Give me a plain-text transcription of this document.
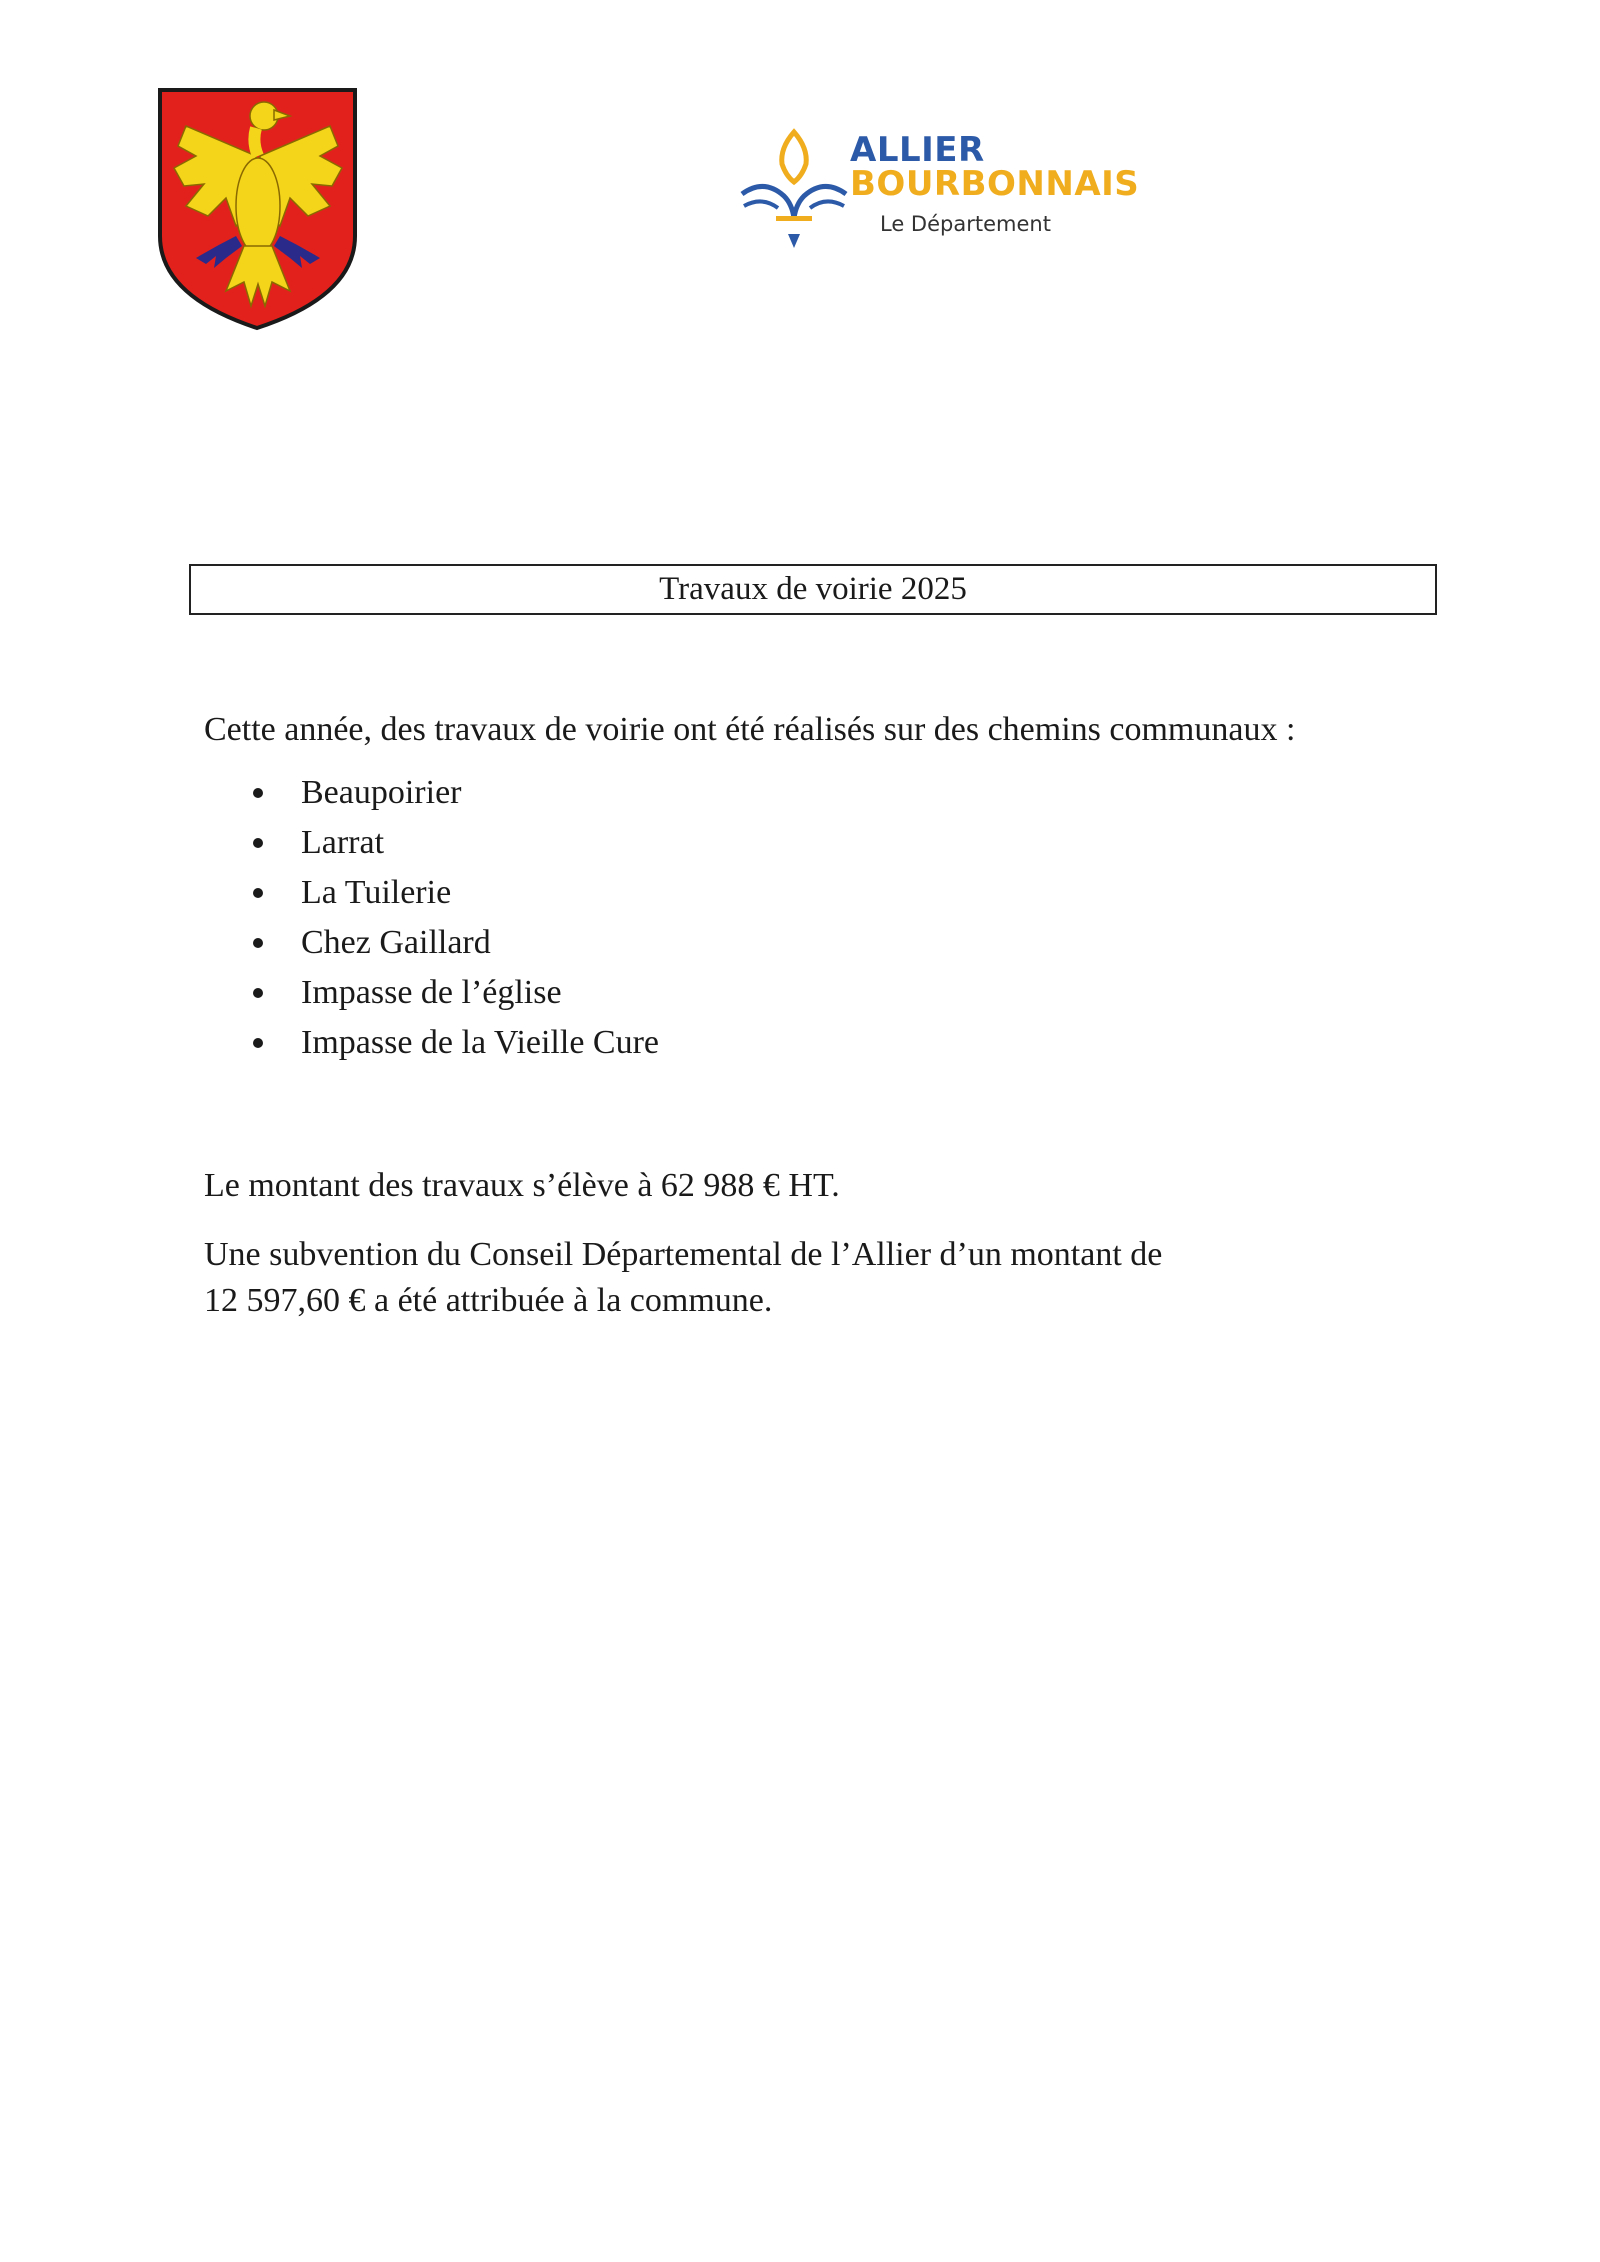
ALLIER
BOURBONNAIS
Le Département
Travaux de voirie 2025

Cette année, des travaux de voirie ont été réalisés sur des chemins communaux :

Beaupoirier
Larrat
La Tuilerie
Chez Gaillard
Impasse de l’église
Impasse de la Vieille Cure

Le montant des travaux s’élève à 62 988 € HT.

Une subvention du Conseil Départemental de l’Allier d’un montant de
12 597,60 € a été attribuée à la commune.
